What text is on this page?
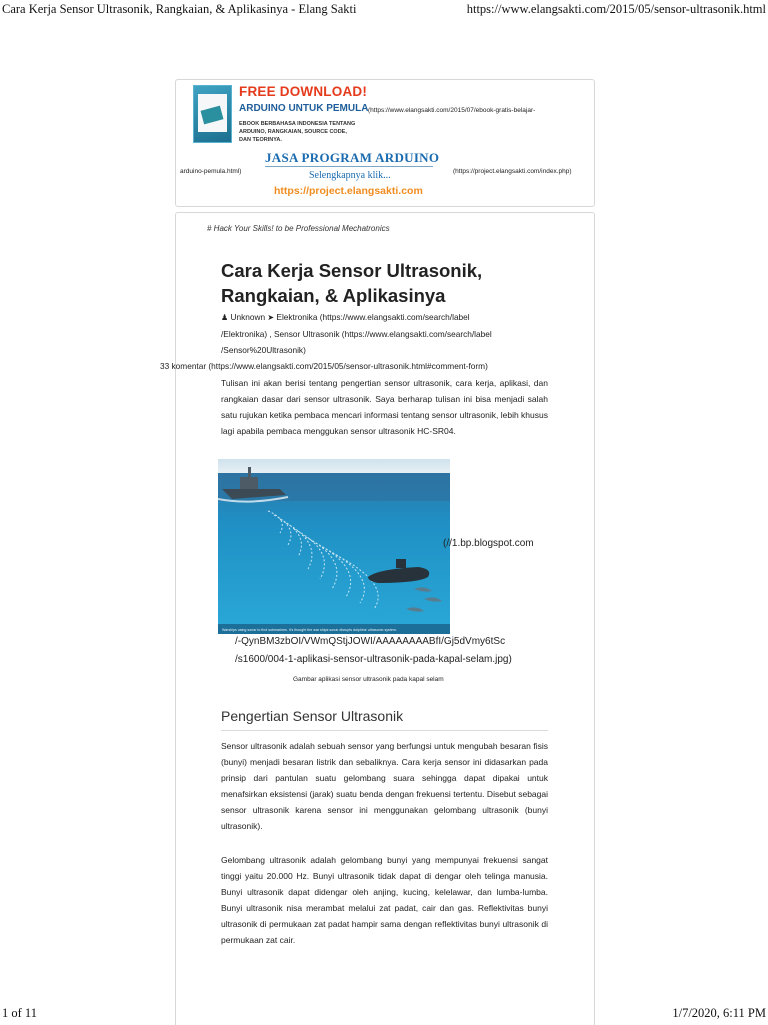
Cara Kerja Sensor Ultrasonik, Rangkaian, & Aplikasinya - Elang Sakti	https://www.elangsakti.com/2015/05/sensor-ultrasonik.html
FREE DOWNLOAD!
ARDUINO UNTUK PEMULA
EBOOK BERBAHASA INDONESIA TENTANG ARDUINO, RANGKAIAN, SOURCE CODE, DAN TEORINYA.
JASA PROGRAM ARDUINO
Selengkapnya klik...
https://project.elangsakti.com
(https://www.elangsakti.com/2015/07/ebook-gratis-belajar-
arduino-pemula.html)	(https://project.elangsakti.com/index.php)
# Hack Your Skills! to be Professional Mechatronics
Cara Kerja Sensor Ultrasonik, Rangkaian, & Aplikasinya
♟ Unknown ➤ Elektronika (https://www.elangsakti.com/search/label
/Elektronika) , Sensor Ultrasonik (https://www.elangsakti.com/search/label
/Sensor%20Ultrasonik)
33 komentar (https://www.elangsakti.com/2015/05/sensor-ultrasonik.html#comment-form)

Tulisan ini akan berisi tentang pengertian sensor ultrasonik, cara kerja, aplikasi, dan rangkaian dasar dari sensor ultrasonik. Saya berharap tulisan ini bisa menjadi salah satu rujukan ketika pembaca mencari informasi tentang sensor ultrasonik, lebih khusus lagi apabila pembaca menggukan sensor ultrasonik HC-SR04.

Warships using sonar to find submarines. It's thought the war ships sonar disrupts dolphins' ultrasonic system.
(//1.bp.blogspot.com
/-QynBM3zbOI/VWmQStjJOWI/AAAAAAAABfI/Gj5dVmy6tSc
/s1600/004-1-aplikasi-sensor-ultrasonik-pada-kapal-selam.jpg)
Gambar aplikasi sensor ultrasonik pada kapal selam
Pengertian Sensor Ultrasonik

Sensor ultrasonik adalah sebuah sensor yang berfungsi untuk mengubah besaran fisis (bunyi) menjadi besaran listrik dan sebaliknya. Cara kerja sensor ini didasarkan pada prinsip dari pantulan suatu gelombang suara sehingga dapat dipakai untuk menafsirkan eksistensi (jarak) suatu benda dengan frekuensi tertentu. Disebut sebagai sensor ultrasonik karena sensor ini menggunakan gelombang ultrasonik (bunyi ultrasonik).

Gelombang ultrasonik adalah gelombang bunyi yang mempunyai frekuensi sangat tinggi yaitu 20.000 Hz. Bunyi ultrasonik tidak dapat di dengar oleh telinga manusia. Bunyi ultrasonik dapat didengar oleh anjing, kucing, kelelawar, dan lumba-lumba. Bunyi ultrasonik nisa merambat melalui zat padat, cair dan gas. Reflektivitas bunyi ultrasonik di permukaan zat padat hampir sama dengan reflektivitas bunyi ultrasonik di permukaan zat cair.

1 of 11	1/7/2020, 6:11 PM
